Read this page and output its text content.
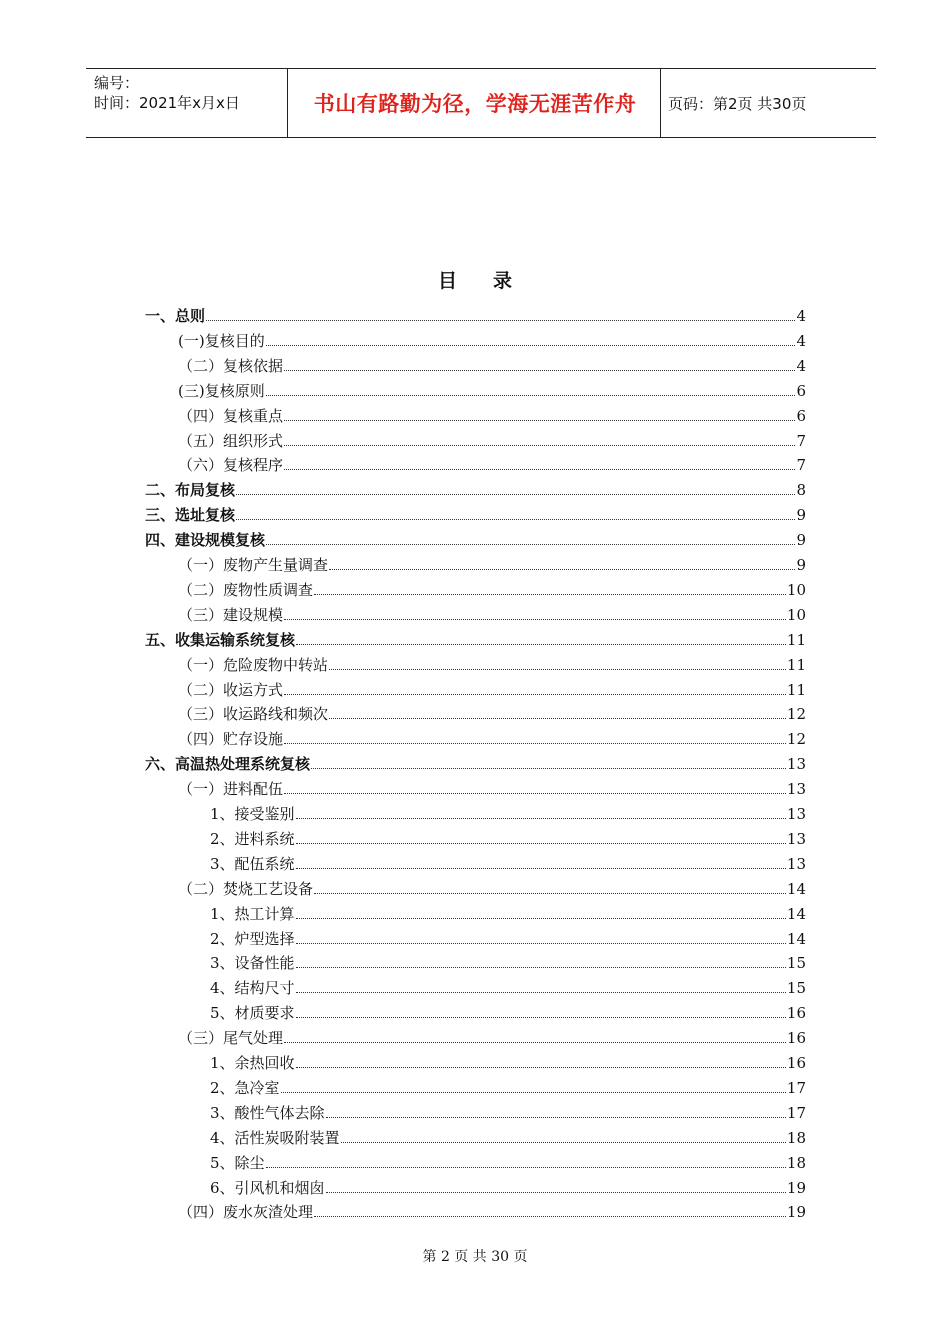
编号：
时间：2021年x月x日	书山有路勤为径，学海无涯苦作舟	页码：第2页 共30页
目 录
一、总则	4
(一)复核目的	4
（二）复核依据	4
(三)复核原则	6
（四）复核重点	6
（五）组织形式	7
（六）复核程序	7
二、布局复核	8
三、选址复核	9
四、建设规模复核	9
（一）废物产生量调查	9
（二）废物性质调查	10
（三）建设规模	10
五、收集运输系统复核	11
（一）危险废物中转站	11
（二）收运方式	11
（三）收运路线和频次	12
（四）贮存设施	12
六、高温热处理系统复核	13
（一）进料配伍	13
1、接受鉴别	13
2、进料系统	13
3、配伍系统	13
（二）焚烧工艺设备	14
1、热工计算	14
2、炉型选择	14
3、设备性能	15
4、结构尺寸	15
5、材质要求	16
（三）尾气处理	16
1、余热回收	16
2、急冷室	17
3、酸性气体去除	17
4、活性炭吸附装置	18
5、除尘	18
6、引风机和烟囱	19
（四）废水灰渣处理	19
第 2 页 共 30 页
